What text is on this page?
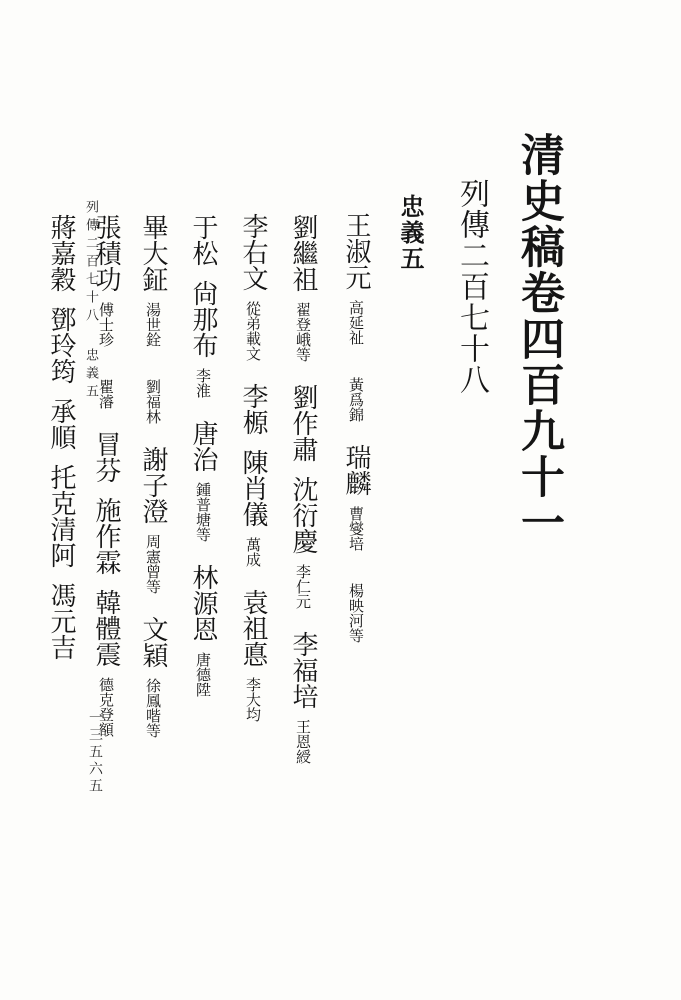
清史稿卷四百九十一
列傳二百七十八
忠義五
王淑元高延祉黃爲錦瑞麟曹燮培楊映河等
劉繼祖翟登峨等劉作肅沈衍慶李仁元李福培王恩綬
李右文從弟載文李榞陳肖儀萬成袁祖悳李大均
于松尙那布李淮唐治鍾普塘等林源恩唐德陞
畢大鉦湯世銓劉福林謝子澄周憲曾等文穎徐鳳喈等
張積功傅士珍瞿濬冒芬施作霖韓體震德克登額
蔣嘉穀鄧玲筠承順托克清阿馮元吉
列傳二百七十八忠義五
一三五六五
